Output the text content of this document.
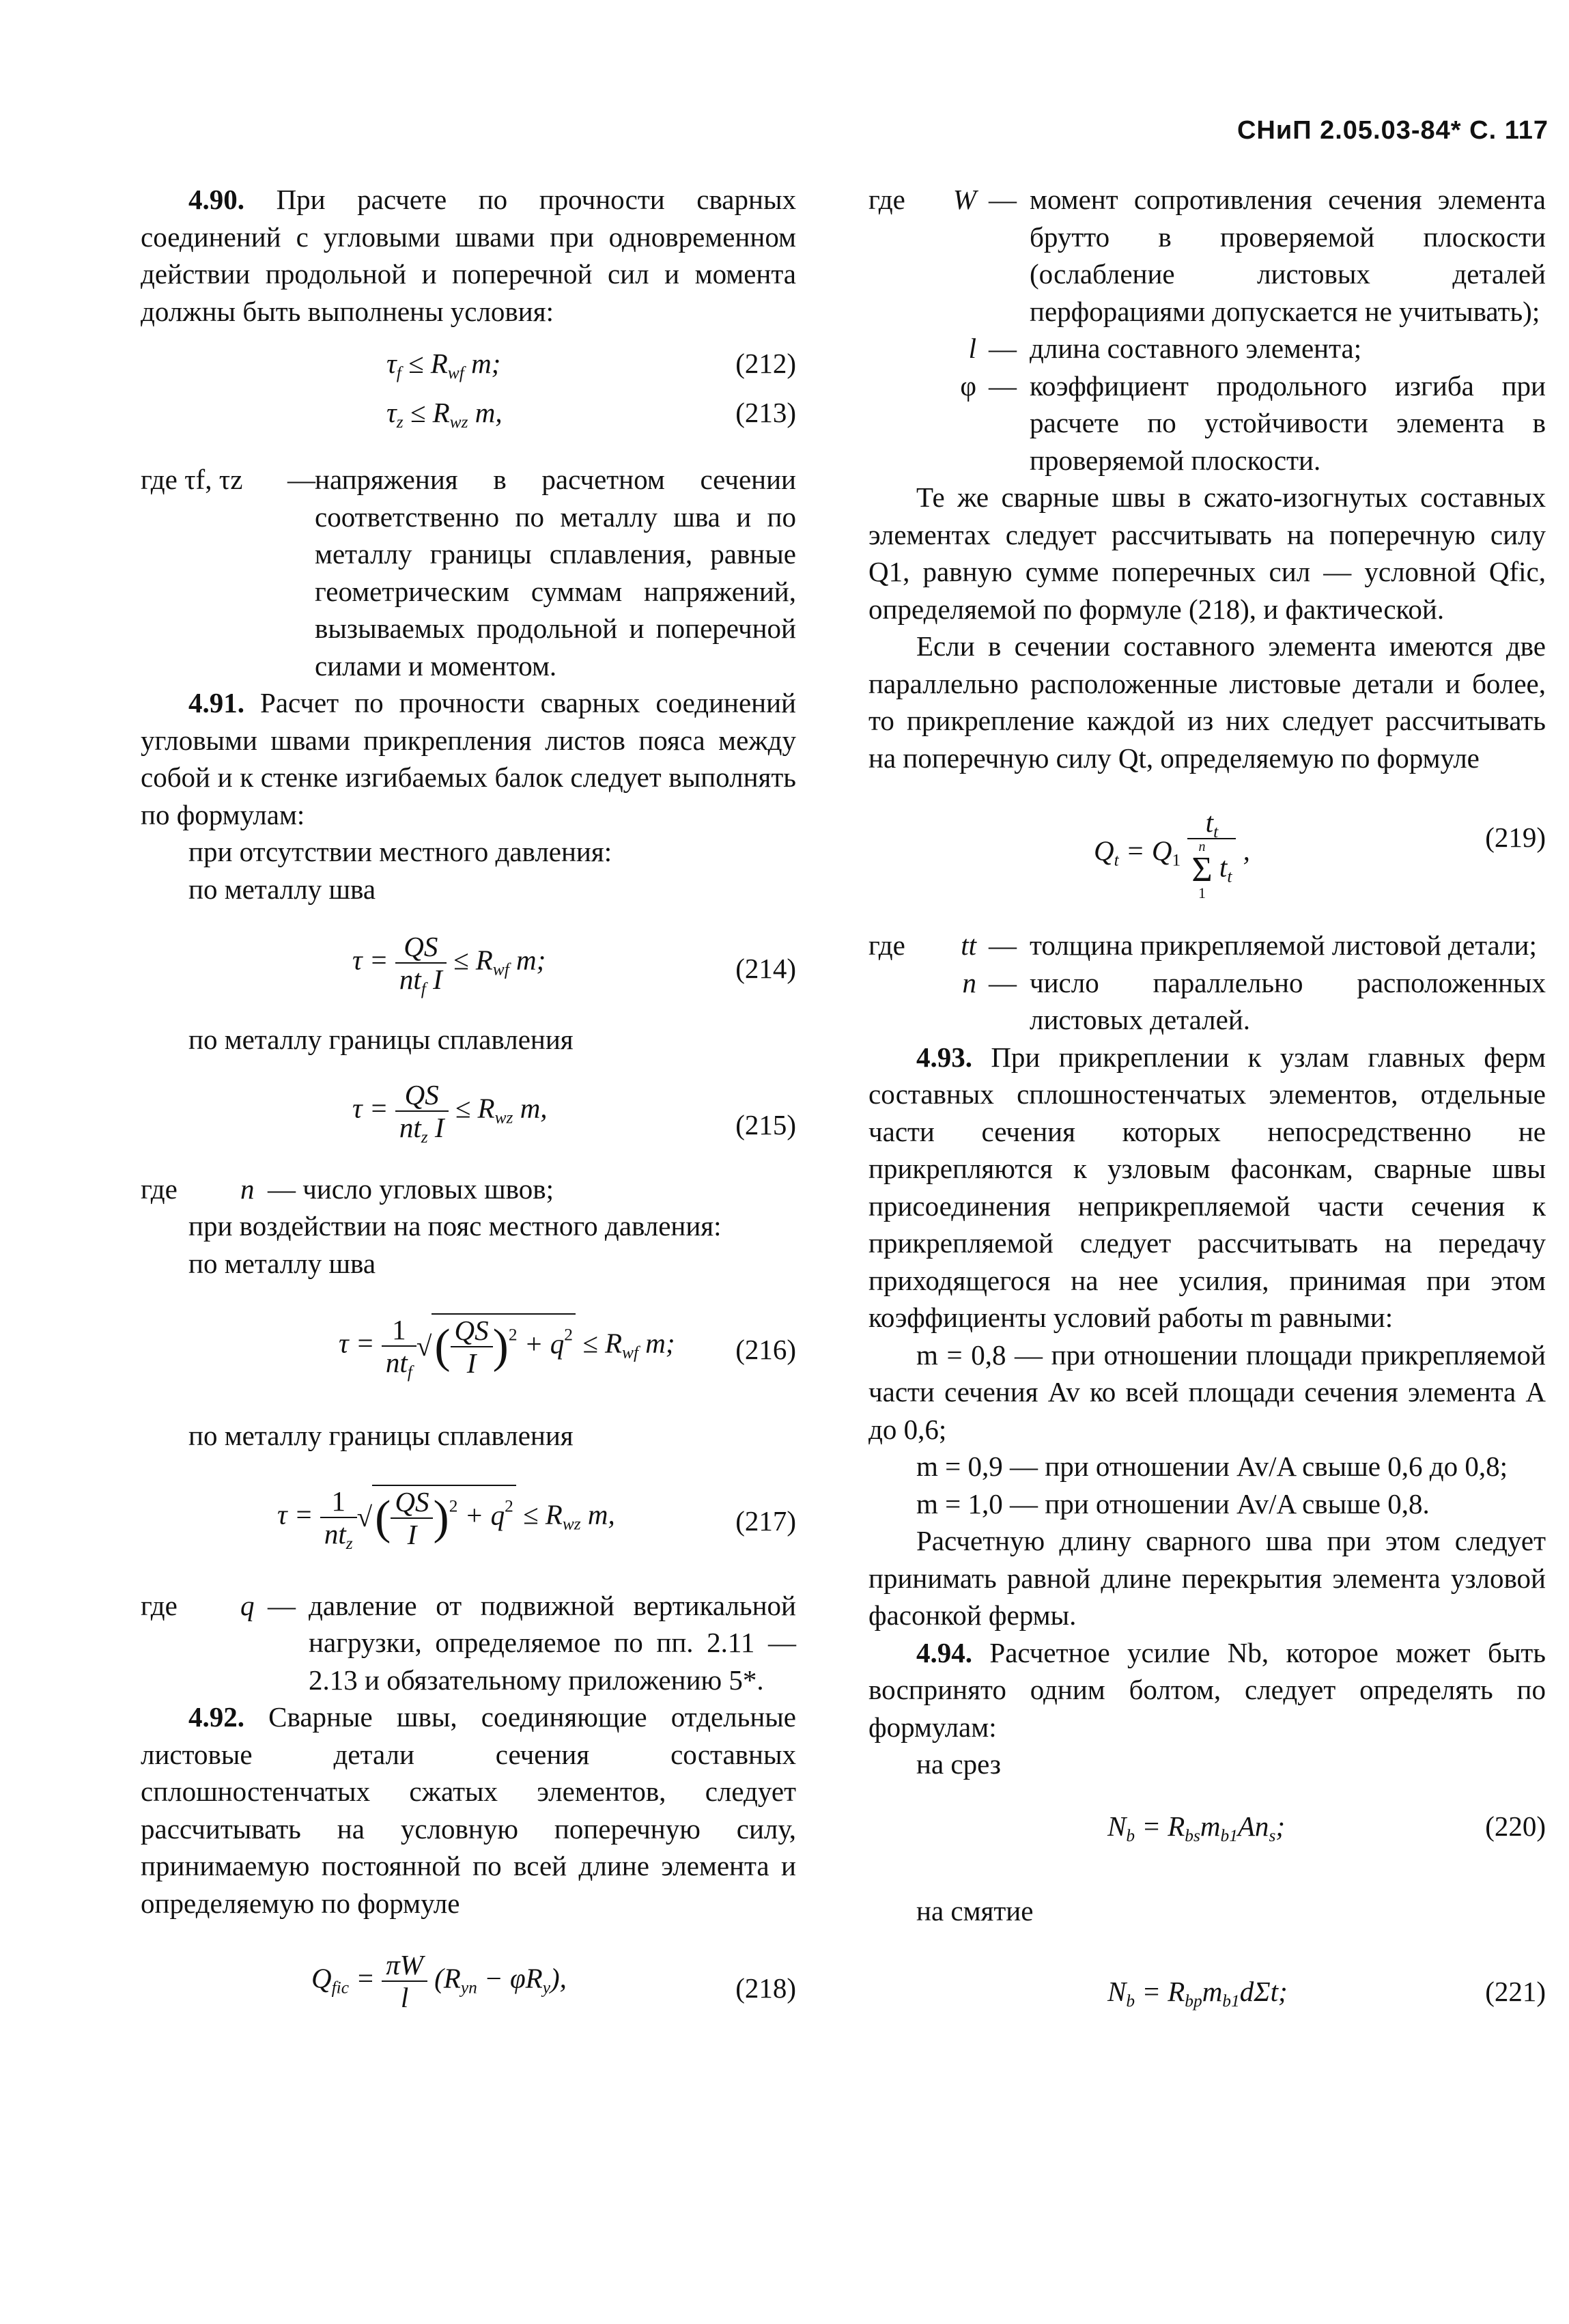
СНиП 2.05.03-84* С. 117

4.90. При расчете по прочности сварных соединений с угловыми швами при одновременном действии продольной и поперечной сил и момента должны быть выполнены условия:

$\tau_f \le R_{wf}$ m;	(212)
$\tau_z \le R_{wz}$ m,	(213)
где τf, τz	— напряжения в расчетном сечении соответственно по металлу шва и по металлу границы сплавления, равные геометрическим суммам напряжений, вызываемых продольной и поперечной силами и моментом.

4.91. Расчет по прочности сварных соединений угловыми швами прикрепления листов пояса между собой и к стенке изгибаемых балок следует выполнять по формулам:

при отсутствии местного давления:

по металлу шва

$\tau = \frac{QS}{nt_f I} \le R_{wf}$ m;	(214)

по металлу границы сплавления

$\tau = \frac{QS}{nt_z I} \le R_{wz}$ m,
(215)
где	n — число угловых швов;

при воздействии на пояс местного давления:

по металлу шва

$\tau = \frac{1}{nt_f}$ √( $\frac{QS}{I} )^2 + q^2 \le R_{wf}$ m; (216)

по металлу границы сплавления

$\tau = \frac{1}{nt_z}$ √( $\frac{QS}{I} )^2 + q^2 \le R_{wz}$ m,	(217)
где	q — давление от подвижной вертикальной нагрузки, определяемое по пп. 2.11 — 2.13 и обязательному приложению 5*.

4.92. Сварные швы, соединяющие отдельные листовые детали сечения составных сплошностенчатых сжатых элементов, следует рассчитывать на условную поперечную силу, принимаемую постоянной по всей длине элемента и определяемую по формуле

$Q_{fic} = \frac{\pi W}{l} (R_{yn} - \varphi R_y)$,	(218)
где	W — момент сопротивления сечения элемента брутто в проверяемой плоскости (ослабление листовых деталей перфорациями допускается не учитывать);
l — длина составного элемента;
φ — коэффициент продольного изгиба при расчете по устойчивости элемента в проверяемой плоскости.

Те же сварные швы в сжато-изогнутых составных элементах следует рассчитывать на поперечную силу Q1, равную сумме поперечных сил — условной Qfic, определяемой по формуле (218), и фактической.

Если в сечении составного элемента имеются две параллельно расположенные листовые детали и более, то прикрепление каждой из них следует рассчитывать на поперечную силу Qt, определяемую по формуле

$Q_t = Q_1$ $t_t$
n
Σ
1
$t_t$ ,	(219)
где	tt — толщина прикрепляемой листовой детали;
n — число параллельно расположенных листовых деталей.

4.93. При прикреплении к узлам главных ферм составных сплошностенчатых элементов, отдельные части сечения которых непосредственно не прикрепляются к узловым фасонкам, сварные швы присоединения неприкрепляемой части сечения к прикрепляемой следует рассчитывать на передачу приходящегося на нее усилия, принимая при этом коэффициенты условий работы m равными:

m = 0,8 — при отношении площади прикрепляемой части сечения Av ко всей площади сечения элемента A до 0,6;

m = 0,9 — при отношении Av/A свыше 0,6 до 0,8;

m = 1,0 — при отношении Av/A свыше 0,8.

Расчетную длину сварного шва при этом следует принимать равной длине перекрытия элемента узловой фасонкой фермы.

4.94. Расчетное усилие Nb, которое может быть воспринято одним болтом, следует определять по формулам:

на срез

$N_b = R_{bs}m_{b1}An_s$;	(220)

на смятие

$N_b = R_{bp}m_{b1}d\Sigma t$;	(221)
